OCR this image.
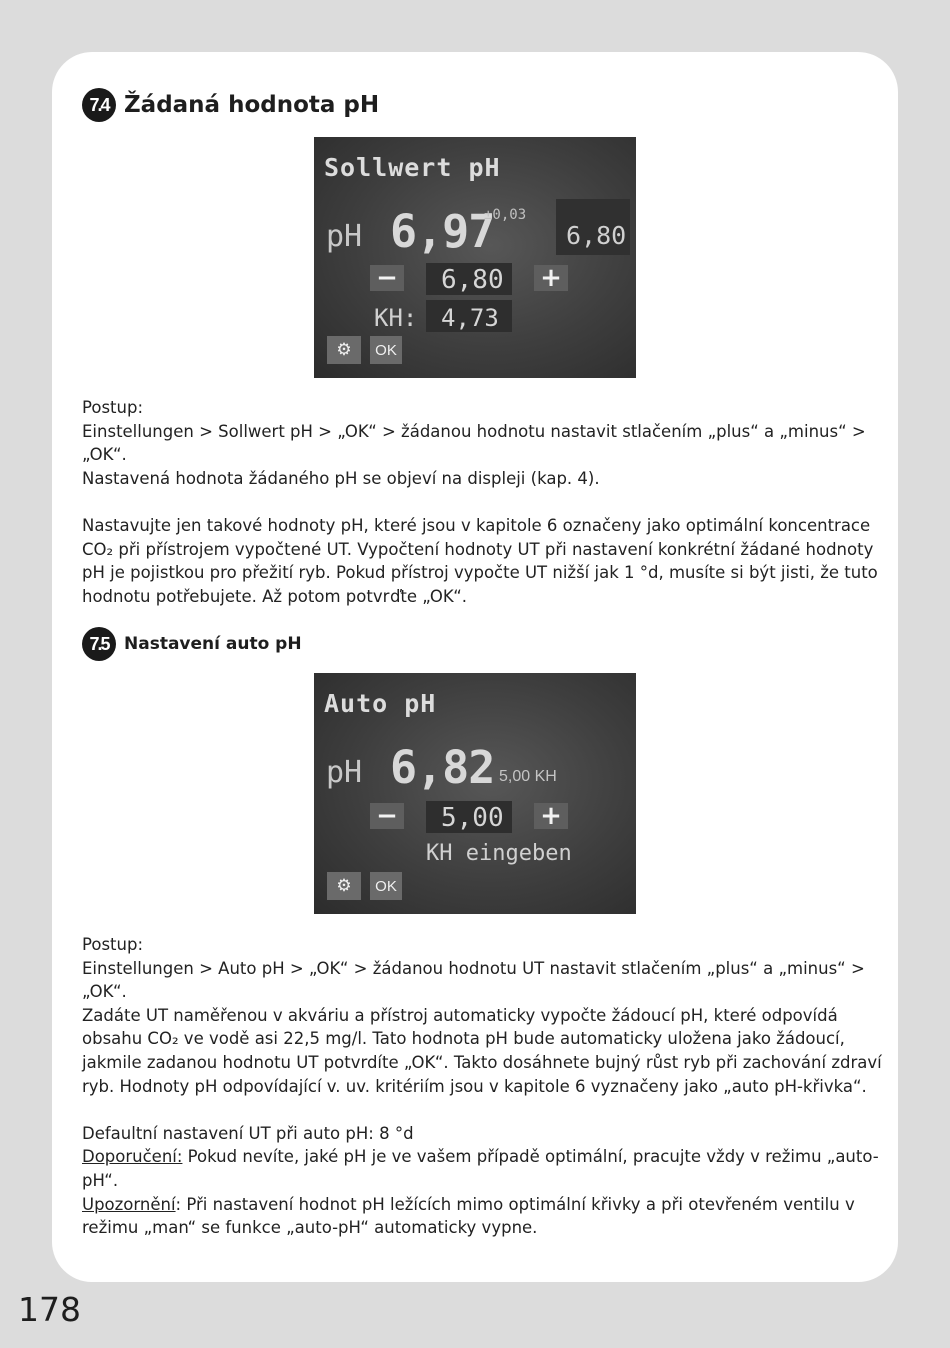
7.4 Žádaná hodnota pH
Sollwert pH
pH 6,97
±0,03
6,80
− 6,80 +
KH: 4,73
⚙	OK

Postup:

Einstellungen > Sollwert pH > „OK“ > žádanou hodnotu nastavit stlačením „plus“ a „minus“ > „OK“.

Nastavená hodnota žádaného pH se objeví na displeji (kap. 4).

Nastavujte jen takové hodnoty pH, které jsou v kapitole 6 označeny jako optimální koncentrace CO₂ při přístrojem vypočtené UT. Vypočtení hodnoty UT při nastavení konkrétní žádané hodnoty pH je pojistkou pro přežití ryb. Pokud přístroj vypočte UT nižší jak 1 °d, musíte si být jisti, že tuto hodnotu potřebujete. Až potom potvrďte „OK“.

7.5 Nastavení auto pH
Auto pH
pH 6,82 5,00 KH
− 5,00 +
KH eingeben
⚙	OK

Postup:

Einstellungen > Auto pH > „OK“ > žádanou hodnotu UT nastavit stlačením „plus“ a „minus“ > „OK“.

Zadáte UT naměřenou v akváriu a přístroj automaticky vypočte žádoucí pH, které odpovídá obsahu CO₂ ve vodě asi 22,5 mg/l. Tato hodnota pH bude automaticky uložena jako žádoucí, jakmile zadanou hodnotu UT potvrdíte „OK“. Takto dosáhnete bujný růst ryb při zachování zdraví ryb. Hodnoty pH odpovídající v. uv. kritériím jsou v kapitole 6 vyznačeny jako „auto pH-křivka“.

Defaultní nastavení UT při auto pH: 8 °d

Doporučení: Pokud nevíte, jaké pH je ve vašem případě optimální, pracujte vždy v režimu „auto-pH“.

Upozornění: Při nastavení hodnot pH ležících mimo optimální křivky a při otevřeném ventilu v režimu „man“ se funkce „auto-pH“ automaticky vypne.

178
